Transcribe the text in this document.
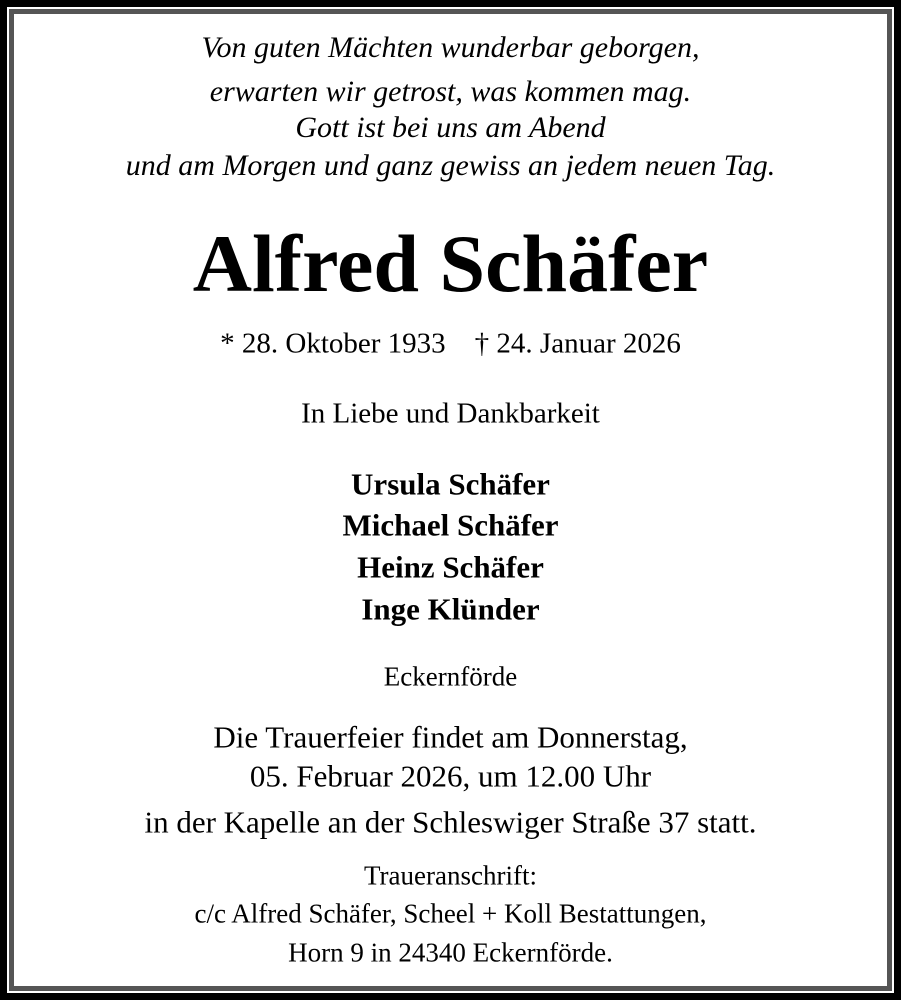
Von guten Mächten wunderbar geborgen,
erwarten wir getrost, was kommen mag.
Gott ist bei uns am Abend
und am Morgen und ganz gewiss an jedem neuen Tag.
Alfred Schäfer
* 28. Oktober 1933    † 24. Januar 2026
In Liebe und Dankbarkeit
Ursula Schäfer
Michael Schäfer
Heinz Schäfer
Inge Klünder
Eckernförde
Die Trauerfeier findet am Donnerstag,
05. Februar 2026, um 12.00 Uhr
in der Kapelle an der Schleswiger Straße 37 statt.
Traueranschrift:
c/c Alfred Schäfer, Scheel + Koll Bestattungen,
Horn 9 in 24340 Eckernförde.
